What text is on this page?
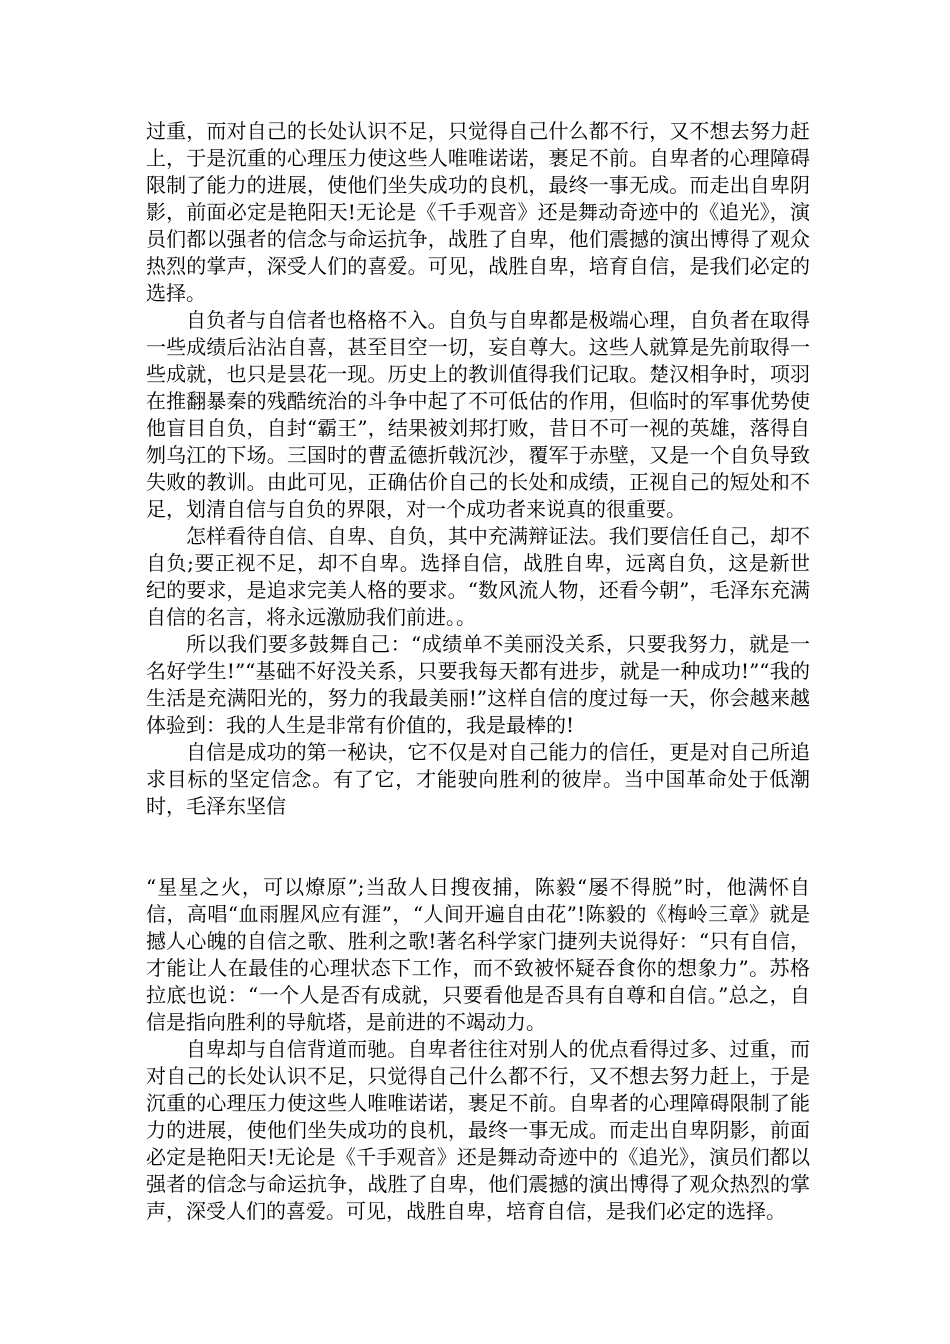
过重，而对自己的长处认识不足，只觉得自己什么都不行，又不想去努力赶上，于是沉重的心理压力使这些人唯唯诺诺，裹足不前。自卑者的心理障碍限制了能力的进展，使他们坐失成功的良机，最终一事无成。而走出自卑阴影，前面必定是艳阳天!无论是《千手观音》还是舞动奇迹中的《追光》，演员们都以强者的信念与命运抗争，战胜了自卑，他们震撼的演出博得了观众热烈的掌声，深受人们的喜爱。可见，战胜自卑，培育自信，是我们必定的选择。

自负者与自信者也格格不入。自负与自卑都是极端心理，自负者在取得一些成绩后沾沾自喜，甚至目空一切，妄自尊大。这些人就算是先前取得一些成就，也只是昙花一现。历史上的教训值得我们记取。楚汉相争时，项羽在推翻暴秦的残酷统治的斗争中起了不可低估的作用，但临时的军事优势使他盲目自负，自封“霸王”，结果被刘邦打败，昔日不可一视的英雄，落得自刎乌江的下场。三国时的曹孟德折戟沉沙，覆军于赤壁，又是一个自负导致失败的教训。由此可见，正确估价自己的长处和成绩，正视自己的短处和不足，划清自信与自负的界限，对一个成功者来说真的很重要。

怎样看待自信、自卑、自负，其中充满辩证法。我们要信任自己，却不自负;要正视不足，却不自卑。选择自信，战胜自卑，远离自负，这是新世纪的要求，是追求完美人格的要求。“数风流人物，还看今朝”，毛泽东充满自信的名言，将永远激励我们前进。。

所以我们要多鼓舞自己：“成绩单不美丽没关系，只要我努力，就是一名好学生!”“基础不好没关系，只要我每天都有进步，就是一种成功!”“我的生活是充满阳光的，努力的我最美丽!”这样自信的度过每一天，你会越来越体验到：我的人生是非常有价值的，我是最棒的!

自信是成功的第一秘诀，它不仅是对自己能力的信任，更是对自己所追求目标的坚定信念。有了它，才能驶向胜利的彼岸。当中国革命处于低潮时，毛泽东坚信

“星星之火，可以燎原”;当敌人日搜夜捕，陈毅“屡不得脱”时，他满怀自信，高唱“血雨腥风应有涯”，“人间开遍自由花”!陈毅的《梅岭三章》就是撼人心魄的自信之歌、胜利之歌!著名科学家门捷列夫说得好：“只有自信，才能让人在最佳的心理状态下工作，而不致被怀疑吞食你的想象力”。苏格拉底也说：“一个人是否有成就，只要看他是否具有自尊和自信。”总之，自信是指向胜利的导航塔，是前进的不竭动力。

自卑却与自信背道而驰。自卑者往往对别人的优点看得过多、过重，而对自己的长处认识不足，只觉得自己什么都不行，又不想去努力赶上，于是沉重的心理压力使这些人唯唯诺诺，裹足不前。自卑者的心理障碍限制了能力的进展，使他们坐失成功的良机，最终一事无成。而走出自卑阴影，前面必定是艳阳天!无论是《千手观音》还是舞动奇迹中的《追光》，演员们都以强者的信念与命运抗争，战胜了自卑，他们震撼的演出博得了观众热烈的掌声，深受人们的喜爱。可见，战胜自卑，培育自信，是我们必定的选择。
